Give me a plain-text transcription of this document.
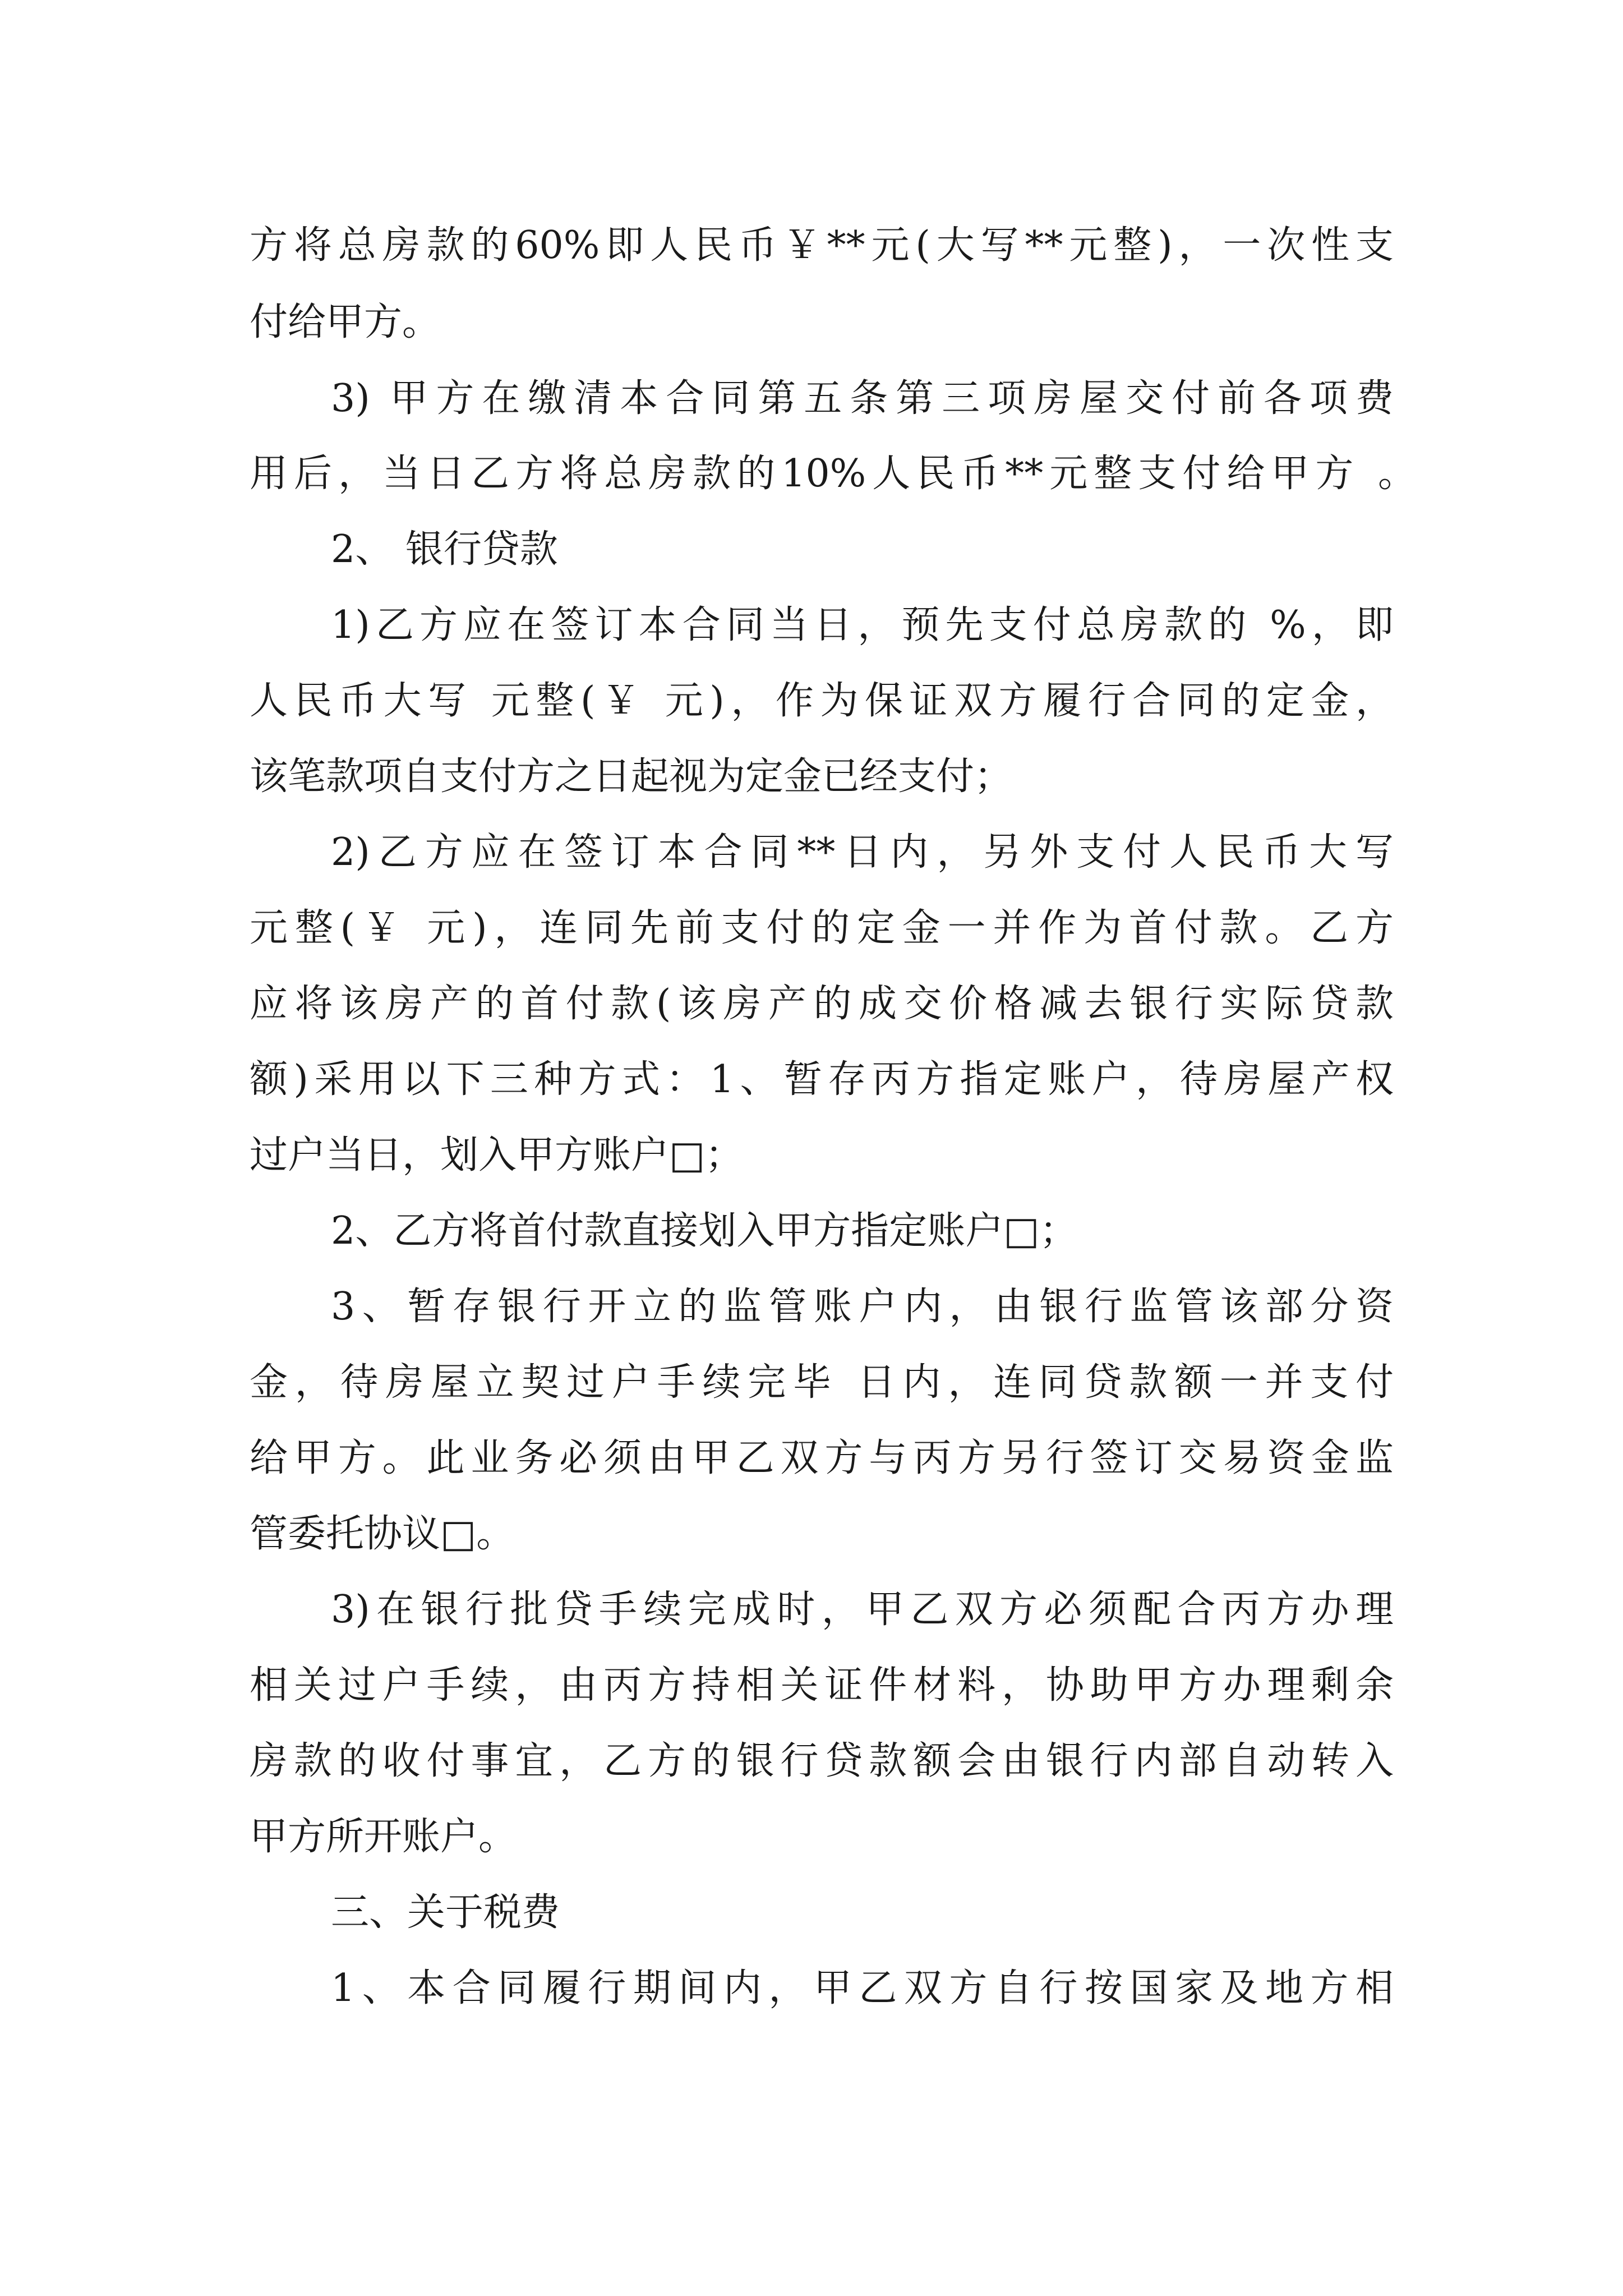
方将总房款的60%即人民币￥**元(大写**元整)，一次性支
付给甲方。
3) 甲方在缴清本合同第五条第三项房屋交付前各项费
用后，当日乙方将总房款的10%人民币**元整支付给甲方 。
2、 银行贷款
1)乙方应在签订本合同当日，预先支付总房款的 %，即
人民币大写 元整(￥ 元)，作为保证双方履行合同的定金，
该笔款项自支付方之日起视为定金已经支付；
2)乙方应在签订本合同**日内，另外支付人民币大写
元整(￥ 元)，连同先前支付的定金一并作为首付款。乙方
应将该房产的首付款(该房产的成交价格减去银行实际贷款
额)采用以下三种方式：1、暂存丙方指定账户，待房屋产权
过户当日，划入甲方账户□；
2、乙方将首付款直接划入甲方指定账户□；
3、暂存银行开立的监管账户内，由银行监管该部分资
金，待房屋立契过户手续完毕 日内，连同贷款额一并支付
给甲方。此业务必须由甲乙双方与丙方另行签订交易资金监
管委托协议□。
3)在银行批贷手续完成时，甲乙双方必须配合丙方办理
相关过户手续，由丙方持相关证件材料，协助甲方办理剩余
房款的收付事宜，乙方的银行贷款额会由银行内部自动转入
甲方所开账户。
三、关于税费
1、本合同履行期间内，甲乙双方自行按国家及地方相
